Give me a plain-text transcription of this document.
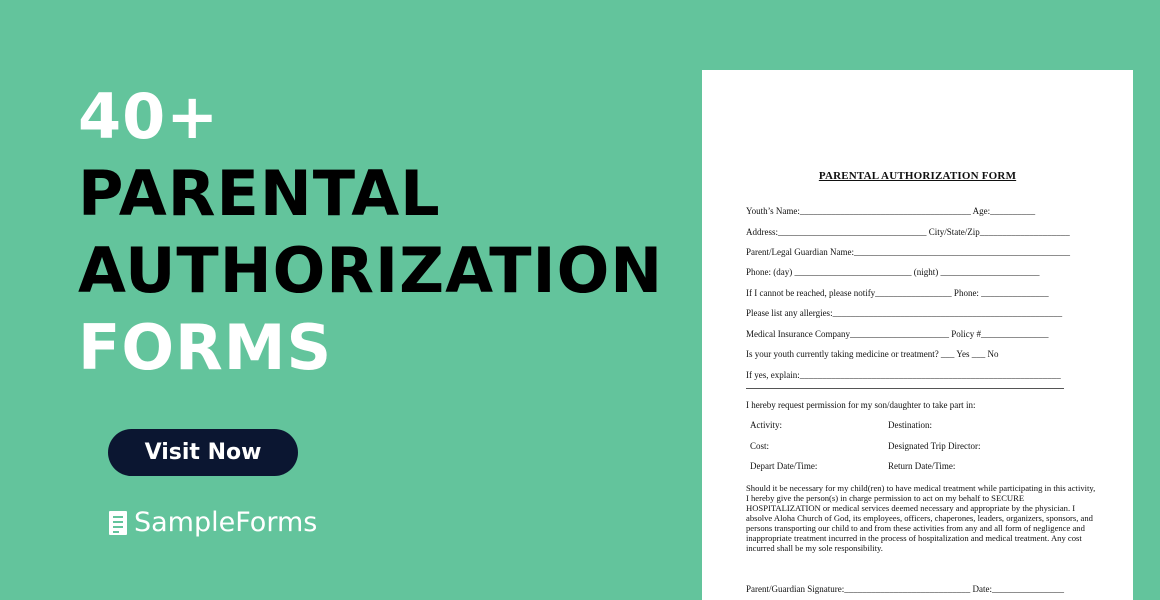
40+
PARENTAL
AUTHORIZATION
FORMS
Visit Now
SampleForms
PARENTAL AUTHORIZATION FORM
Youth’s Name:______________________________________ Age:__________
Address:_________________________________ City/State/Zip____________________
Parent/Legal Guardian Name:________________________________________________
Phone: (day) __________________________ (night) ______________________
If I cannot be reached, please notify_________________ Phone: _______________
Please list any allergies:___________________________________________________
Medical Insurance Company______________________ Policy #_______________
Is your youth currently taking medicine or treatment? ___ Yes ___ No
If yes, explain:__________________________________________________________
I hereby request permission for my son/daughter to take part in:
Activity:	Destination:
Cost:	Designated Trip Director:
Depart Date/Time:	Return Date/Time:
Should it be necessary for my child(ren) to have medical treatment while participating in this activity, I hereby give the person(s) in charge permission to act on my behalf to SECURE HOSPITALIZATION or medical services deemed necessary and appropriate by the physician. I absolve Aloha Church of God, its employees, officers, chaperones, leaders, organizers, sponsors, and persons transporting our child to and from these activities from any and all form of negligence and inappropriate treatment incurred in the process of hospitalization and medical treatment. Any cost incurred shall be my sole responsibility.
Parent/Guardian Signature:____________________________ Date:________________
